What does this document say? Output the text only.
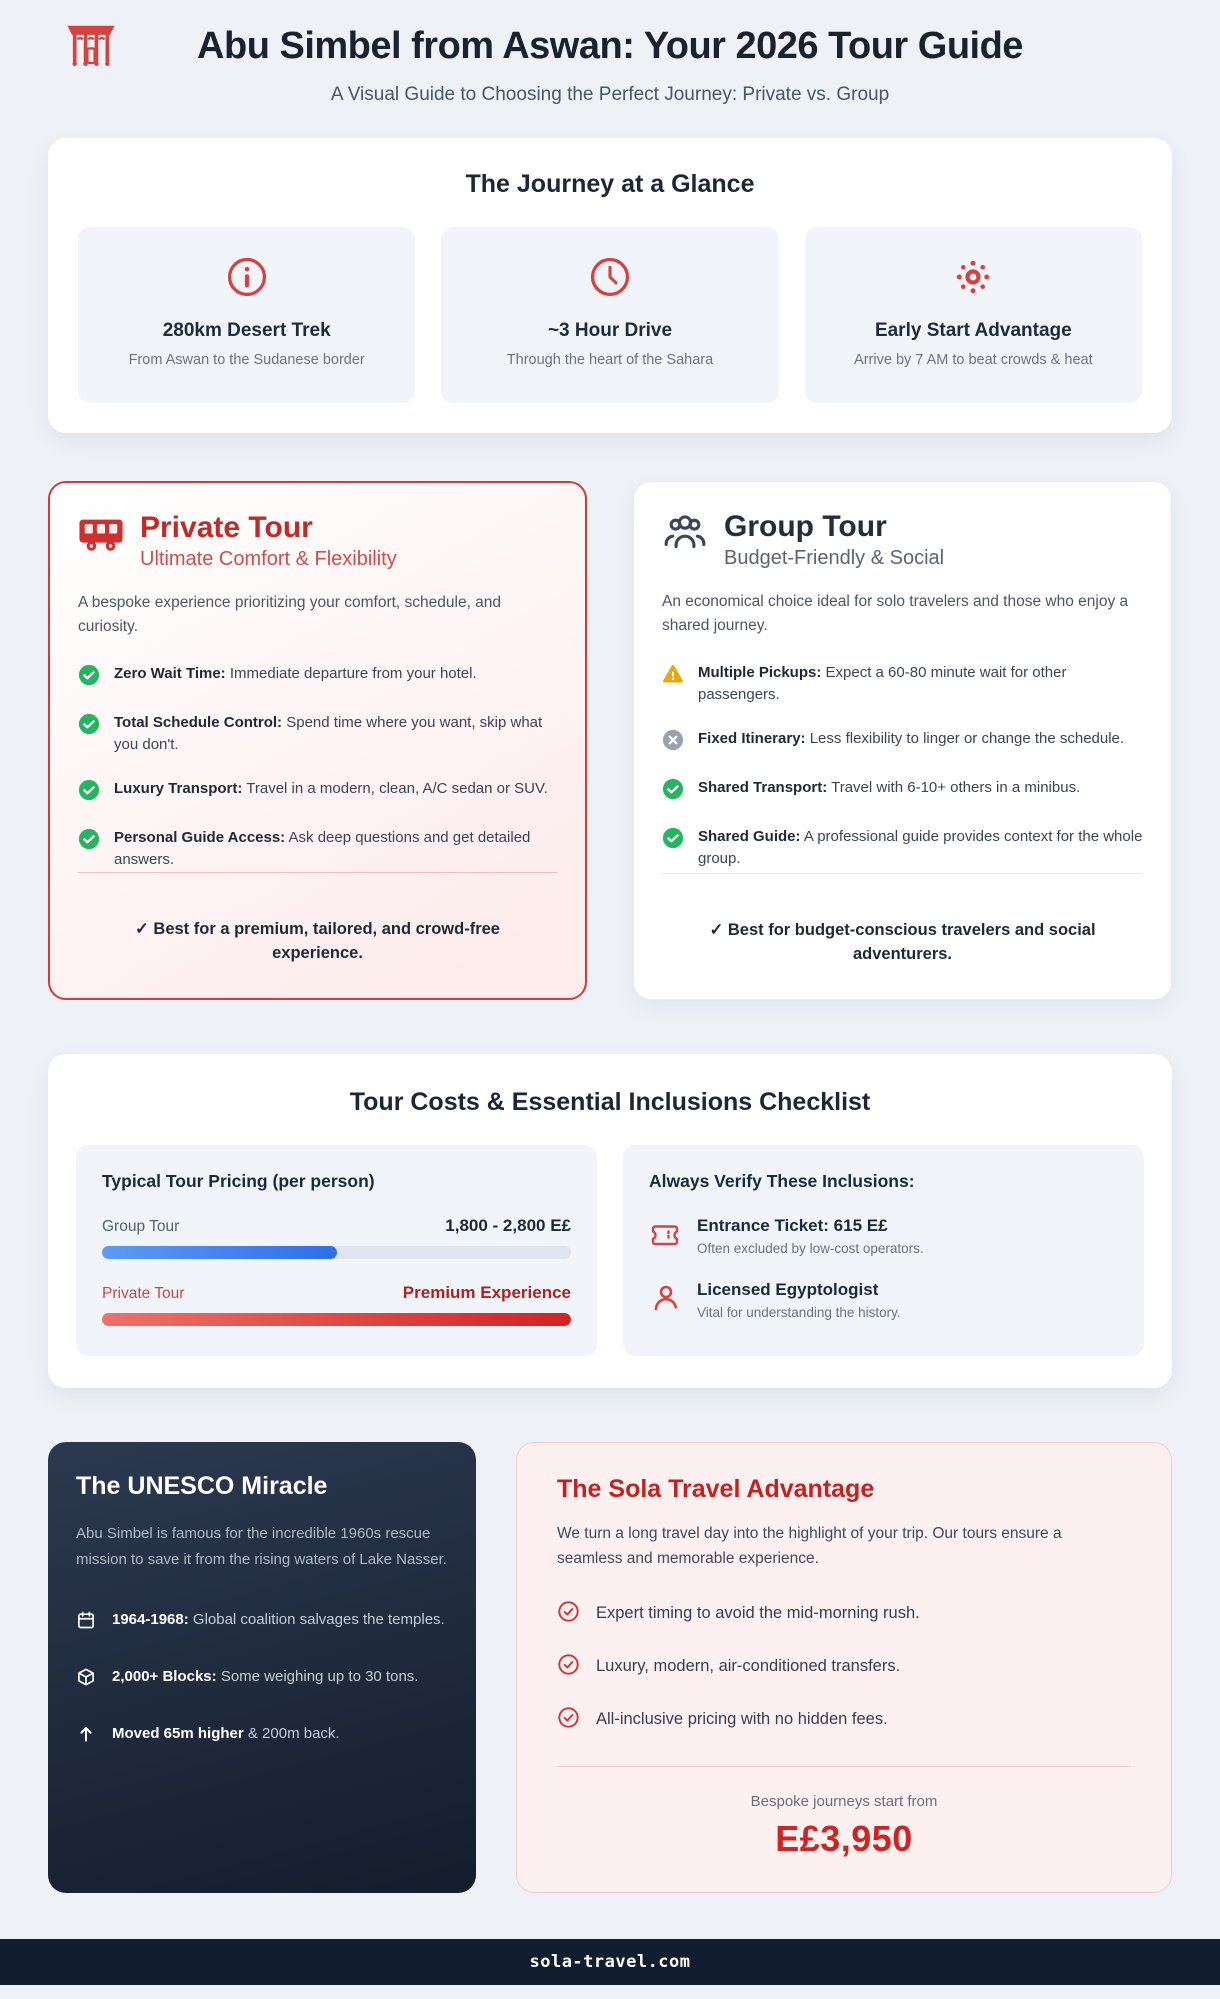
Abu Simbel from Aswan: Your 2026 Tour Guide

A Visual Guide to Choosing the Perfect Journey: Private vs. Group

The Journey at a Glance
280km Desert Trek
From Aswan to the Sudanese border
~3 Hour Drive
Through the heart of the Sahara
Early Start Advantage
Arrive by 7 AM to beat crowds & heat
Private Tour
Ultimate Comfort & Flexibility

A bespoke experience prioritizing your comfort, schedule, and curiosity.

Zero Wait Time: Immediate departure from your hotel.

Total Schedule Control: Spend time where you want, skip what you don't.

Luxury Transport: Travel in a modern, clean, A/C sedan or SUV.

Personal Guide Access: Ask deep questions and get detailed answers.

✓ Best for a premium, tailored, and crowd-free experience.

Group Tour
Budget-Friendly & Social

An economical choice ideal for solo travelers and those who enjoy a shared journey.

Multiple Pickups: Expect a 60-80 minute wait for other passengers.

Fixed Itinerary: Less flexibility to linger or change the schedule.

Shared Transport: Travel with 6-10+ others in a minibus.

Shared Guide: A professional guide provides context for the whole group.

✓ Best for budget-conscious travelers and social adventurers.

Tour Costs & Essential Inclusions Checklist
Typical Tour Pricing (per person)
Group Tour	1,800 - 2,800 E£
Private Tour	Premium Experience
Always Verify These Inclusions:
Entrance Ticket: 615 E£
Often excluded by low-cost operators.
Licensed Egyptologist
Vital for understanding the history.
The UNESCO Miracle

Abu Simbel is famous for the incredible 1960s rescue mission to save it from the rising waters of Lake Nasser.

1964-1968: Global coalition salvages the temples.

2,000+ Blocks: Some weighing up to 30 tons.

Moved 65m higher & 200m back.

The Sola Travel Advantage

We turn a long travel day into the highlight of your trip. Our tours ensure a seamless and memorable experience.

Expert timing to avoid the mid-morning rush.
Luxury, modern, air-conditioned transfers.
All-inclusive pricing with no hidden fees.

Bespoke journeys start from

E£3,950

sola-travel.com
